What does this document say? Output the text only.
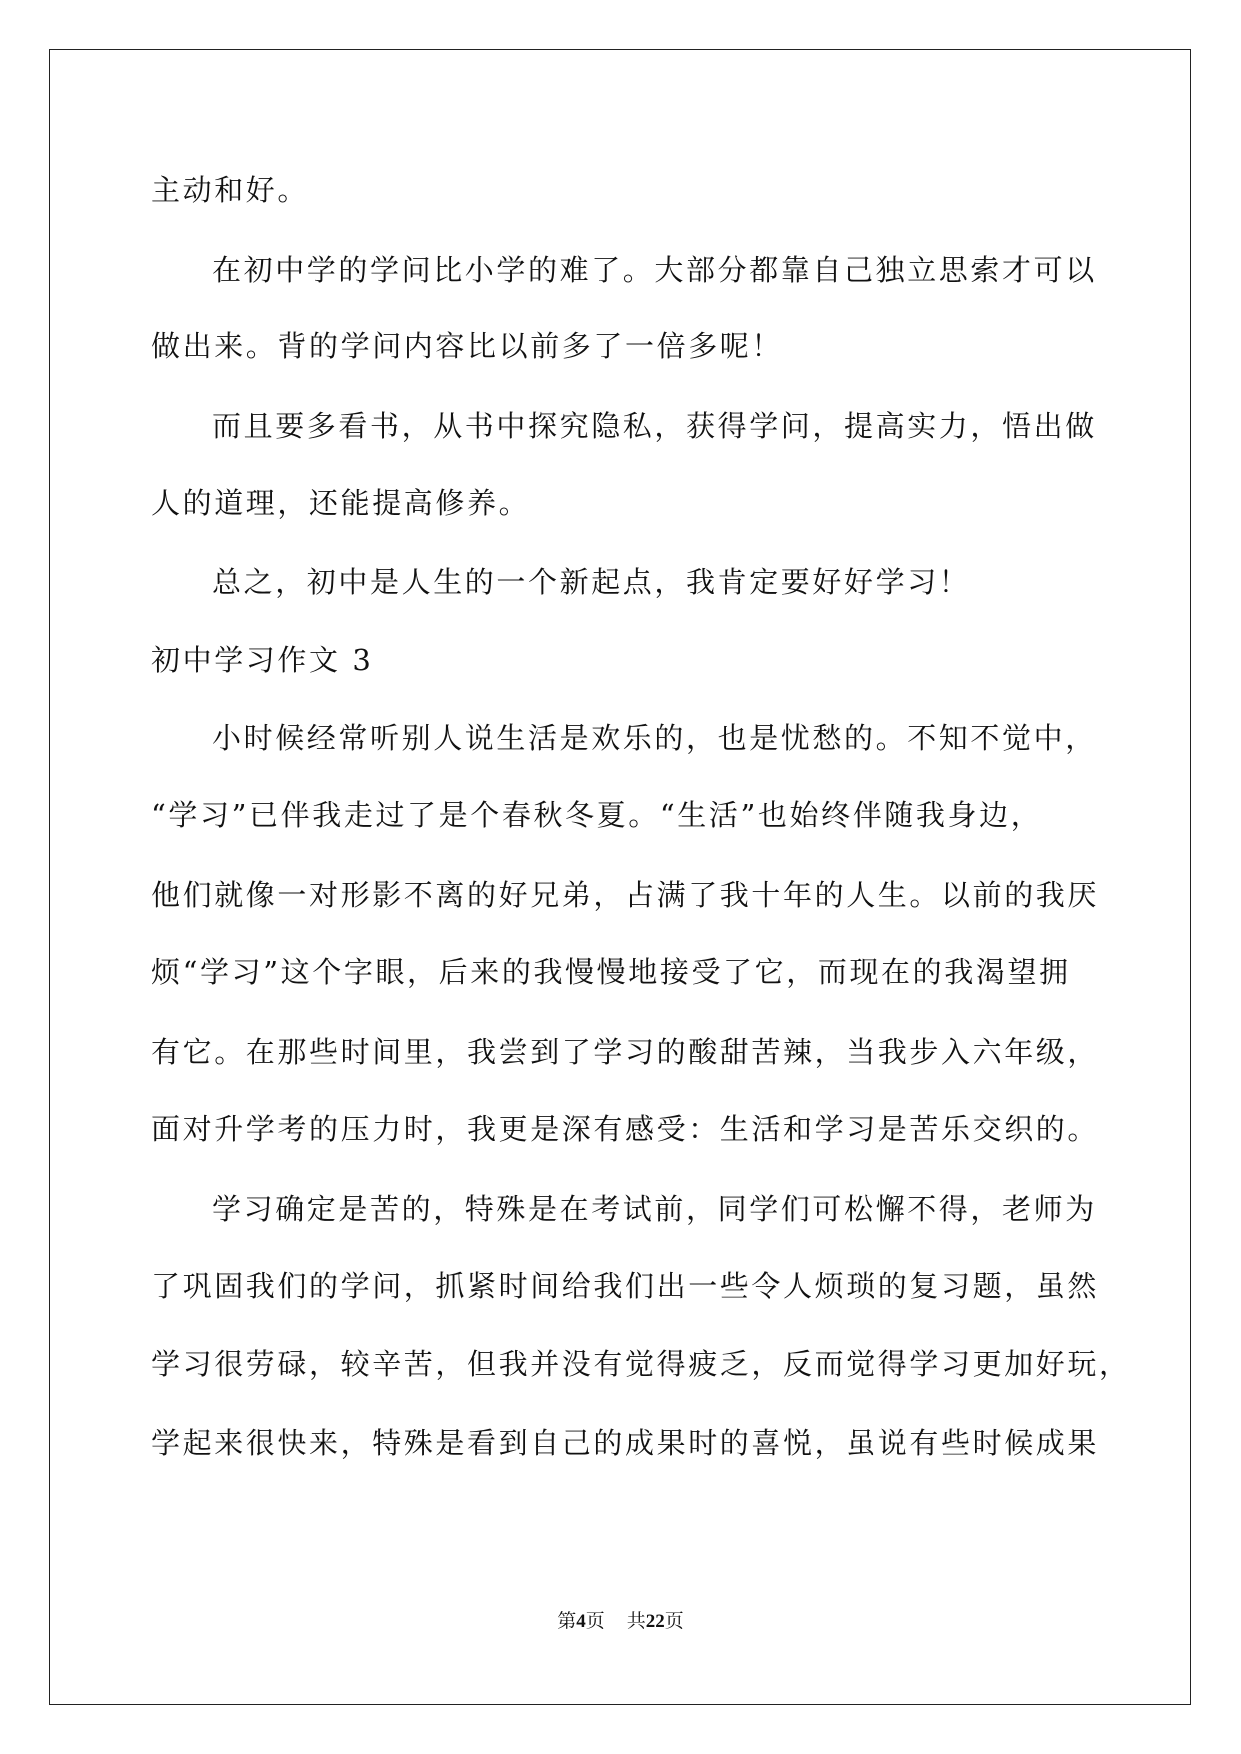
主动和好。
在初中学的学问比小学的难了。大部分都靠自己独立思索才可以
做出来。背的学问内容比以前多了一倍多呢！
而且要多看书，从书中探究隐私，获得学问，提高实力，悟出做
人的道理，还能提高修养。
总之，初中是人生的一个新起点，我肯定要好好学习！
初中学习作文 3
小时候经常听别人说生活是欢乐的，也是忧愁的。不知不觉中，
“学习”已伴我走过了是个春秋冬夏。“生活”也始终伴随我身边，
他们就像一对形影不离的好兄弟，占满了我十年的人生。以前的我厌
烦“学习”这个字眼，后来的我慢慢地接受了它，而现在的我渴望拥
有它。在那些时间里，我尝到了学习的酸甜苦辣，当我步入六年级，
面对升学考的压力时，我更是深有感受：生活和学习是苦乐交织的。
学习确定是苦的，特殊是在考试前，同学们可松懈不得，老师为
了巩固我们的学问，抓紧时间给我们出一些令人烦琐的复习题，虽然
学习很劳碌，较辛苦，但我并没有觉得疲乏，反而觉得学习更加好玩，
学起来很快来，特殊是看到自己的成果时的喜悦，虽说有些时候成果
第4页 共22页
